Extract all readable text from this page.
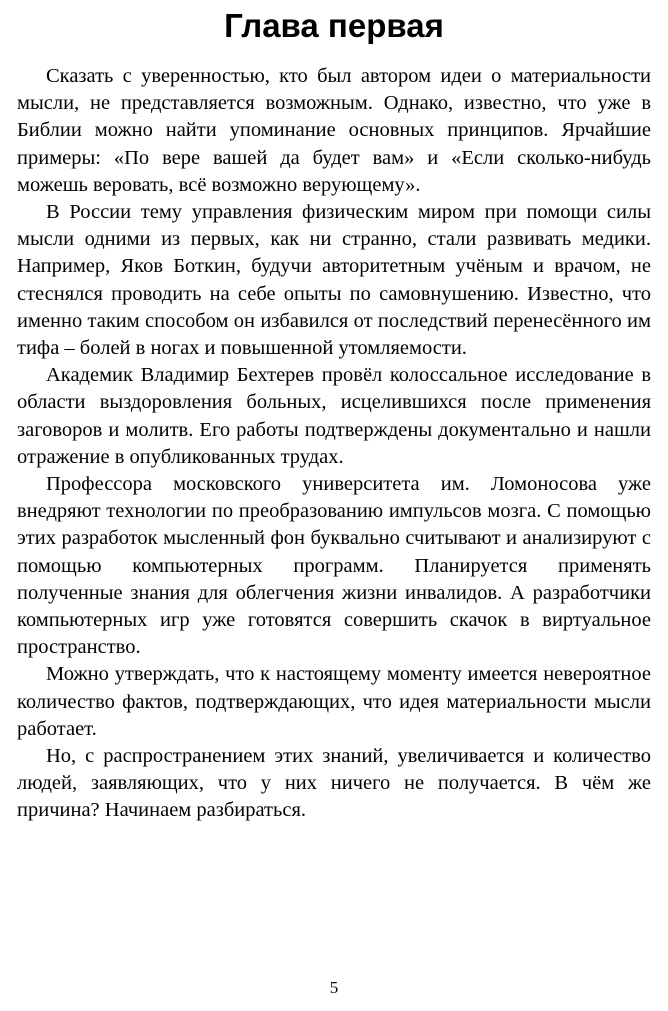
Глава первая

Сказать с уверенностью, кто был автором идеи о материальности мысли, не представляется возможным. Однако, известно, что уже в Библии можно найти упоминание основных принципов. Ярчайшие примеры: «По вере вашей да будет вам» и «Если сколько-нибудь можешь веровать, всё возможно верующему».

В России тему управления физическим миром при помощи силы мысли одними из первых, как ни странно, стали развивать медики. Например, Яков Боткин, будучи авторитетным учёным и врачом, не стеснялся проводить на себе опыты по самовнушению. Известно, что именно таким способом он избавился от последствий перенесённого им тифа – болей в ногах и повышенной утомляемости.

Академик Владимир Бехтерев провёл колоссальное исследование в области выздоровления больных, исцелившихся после применения заговоров и молитв. Его работы подтверждены документально и нашли отражение в опубликованных трудах.

Профессора московского университета им. Ломоносова уже внедряют технологии по преобразованию импульсов мозга. С помощью этих разработок мысленный фон буквально считывают и анализируют с помощью компьютерных программ. Планируется применять полученные знания для облегчения жизни инвалидов. А разработчики компьютерных игр уже готовятся совершить скачок в виртуальное пространство.

Можно утверждать, что к настоящему моменту имеется невероятное количество фактов, подтверждающих, что идея материальности мысли работает.

Но, с распространением этих знаний, увеличивается и количество людей, заявляющих, что у них ничего не получается. В чём же причина? Начинаем разбираться.

5
